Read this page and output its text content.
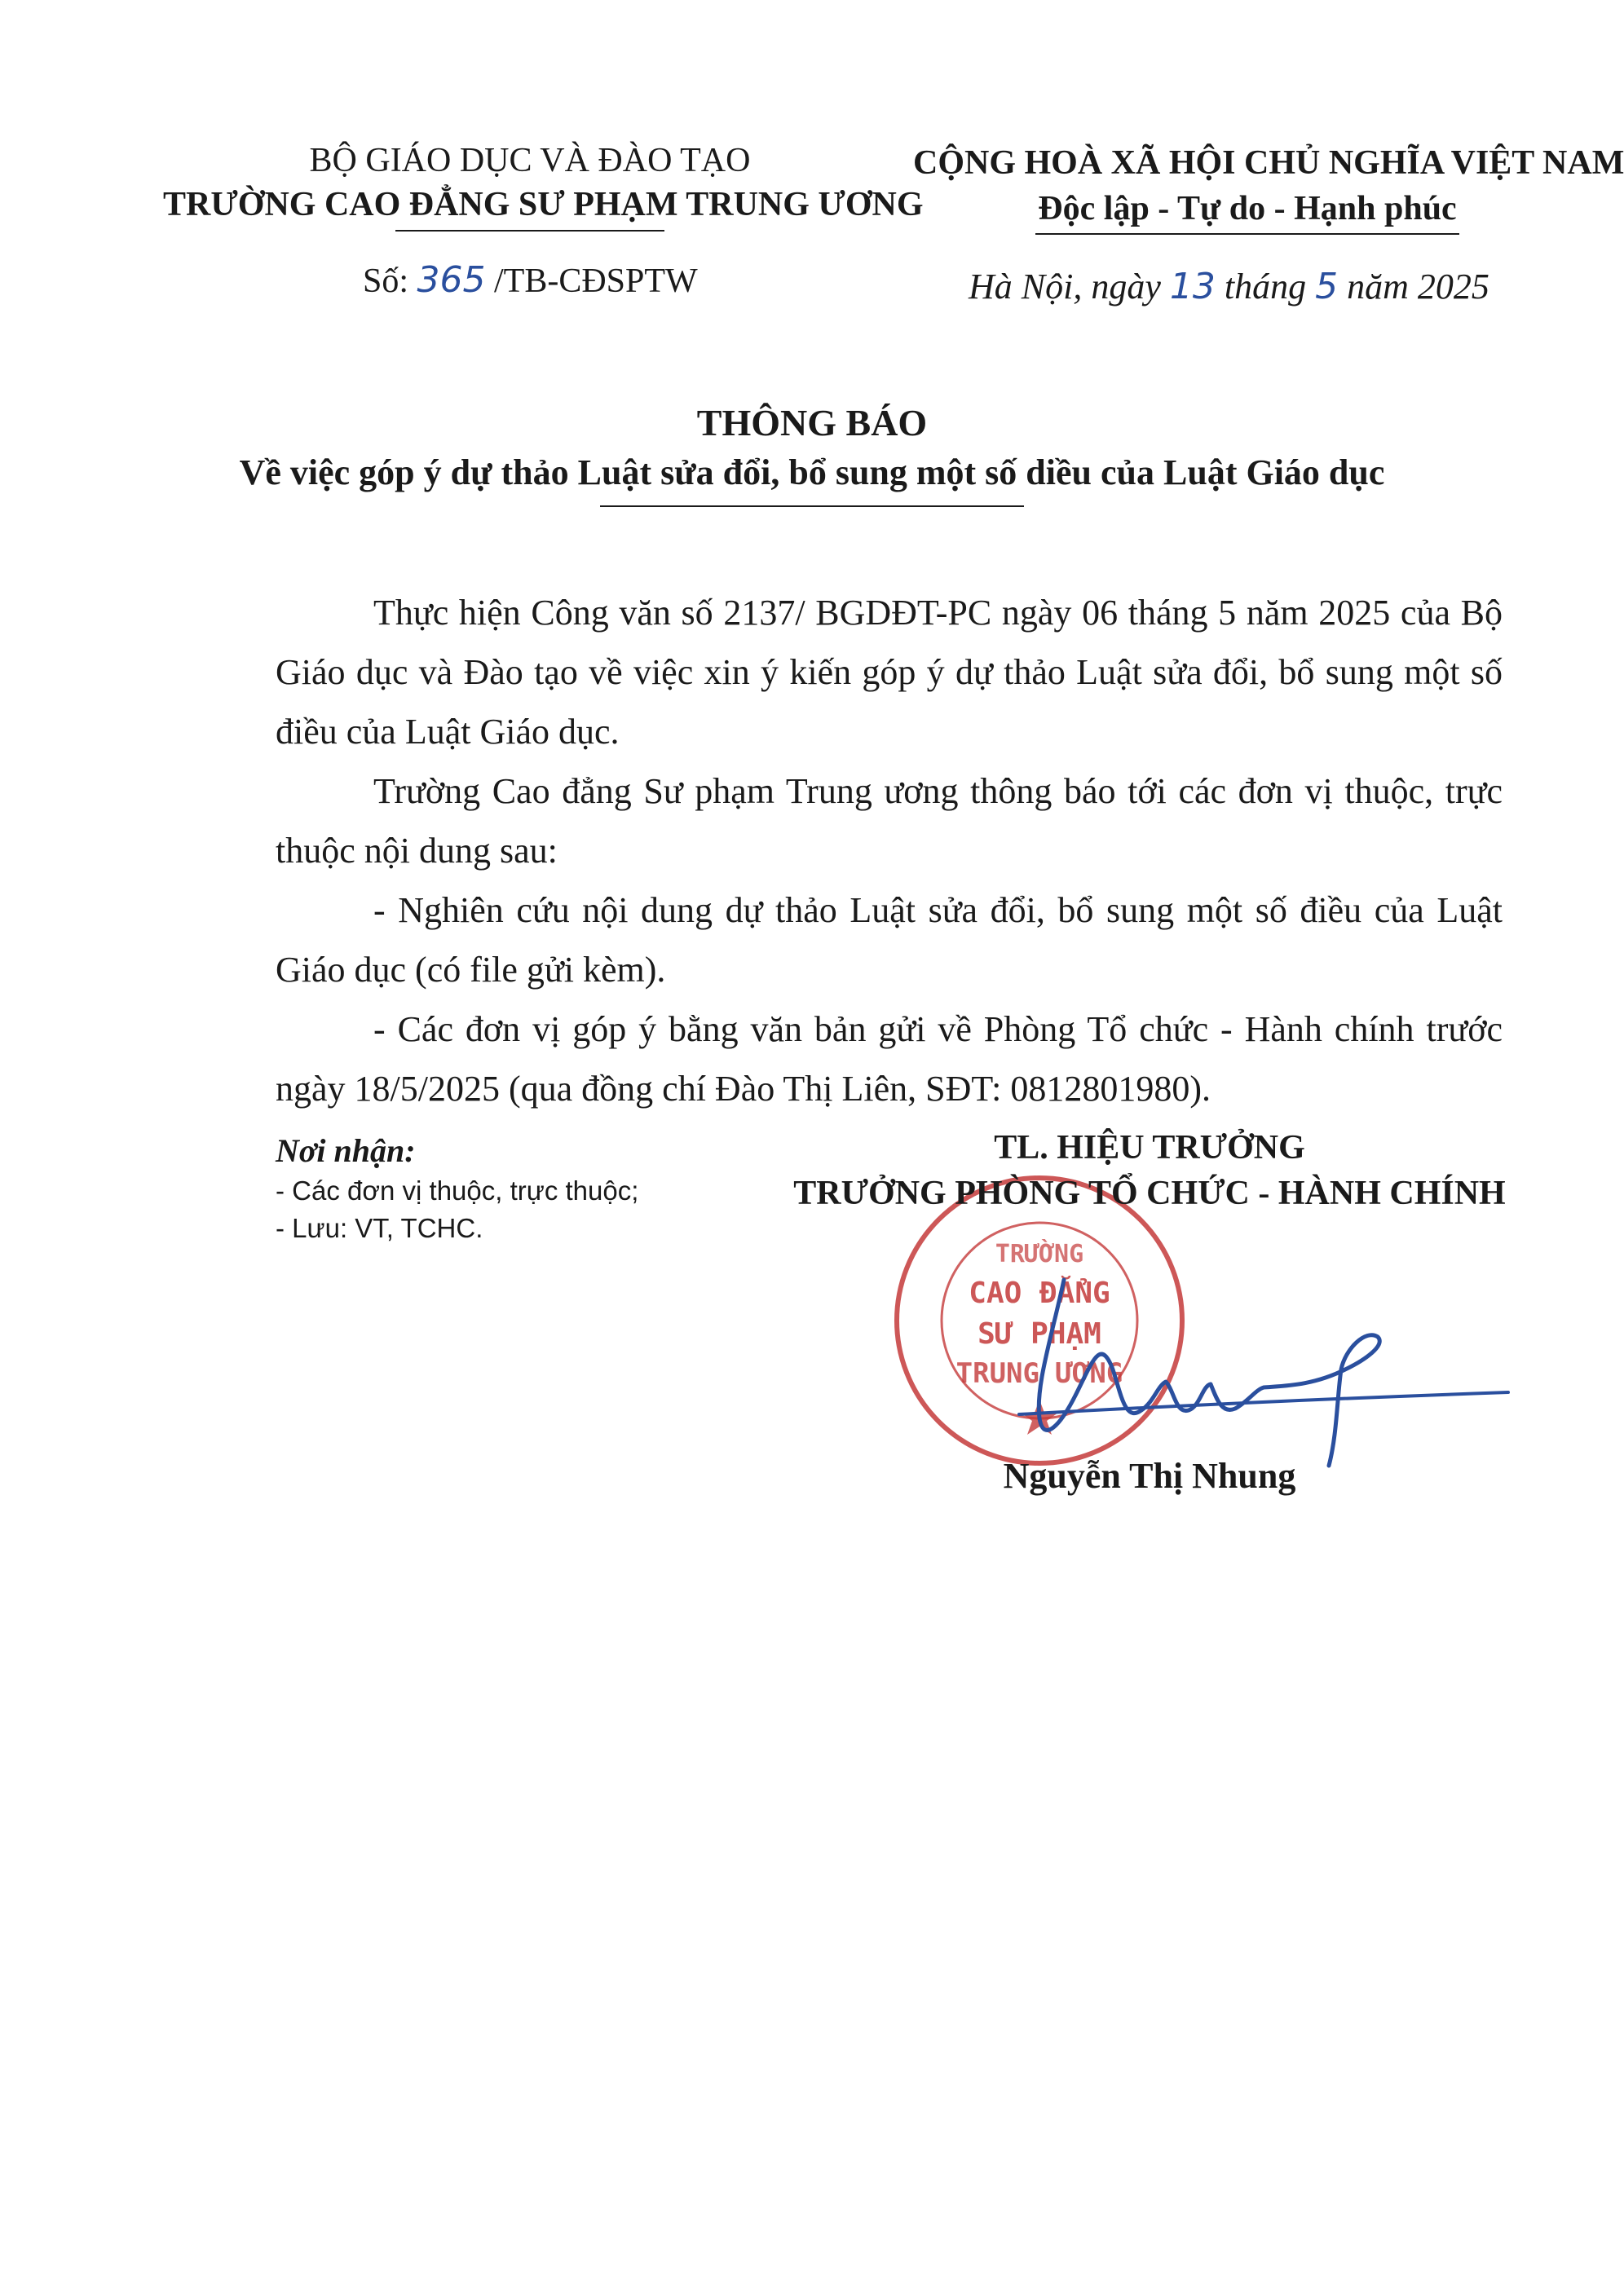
BỘ GIÁO DỤC VÀ ĐÀO TẠO
TRƯỜNG CAO ĐẲNG SƯ PHẠM TRUNG ƯƠNG
CỘNG HOÀ XÃ HỘI CHỦ NGHĨA VIỆT NAM
Độc lập - Tự do - Hạnh phúc
Số: 365 /TB-CĐSPTW	Hà Nội, ngày 13 tháng 5 năm 2025
THÔNG BÁO
Về việc góp ý dự thảo Luật sửa đổi, bổ sung một số diều của Luật Giáo dục

Thực hiện Công văn số 2137/ BGDĐT-PC ngày 06 tháng 5 năm 2025 của Bộ Giáo dục và Đào tạo về việc xin ý kiến góp ý dự thảo Luật sửa đổi, bổ sung một số điều của Luật Giáo dục.

Trường Cao đẳng Sư phạm Trung ương thông báo tới các đơn vị thuộc, trực thuộc nội dung sau:

- Nghiên cứu nội dung dự thảo Luật sửa đổi, bổ sung một số điều của Luật Giáo dục (có file gửi kèm).

- Các đơn vị góp ý bằng văn bản gửi về Phòng Tổ chức - Hành chính trước ngày 18/5/2025 (qua đồng chí Đào Thị Liên, SĐT: 0812801980).

Nơi nhận:
- Các đơn vị thuộc, trực thuộc;
- Lưu: VT, TCHC.
TRƯỜNG
CAO ĐẲNG
SƯ PHẠM
TRUNG ƯƠNG
TL. HIỆU TRƯỞNG
TRƯỞNG PHÒNG TỔ CHỨC - HÀNH CHÍNH
Nguyễn Thị Nhung
